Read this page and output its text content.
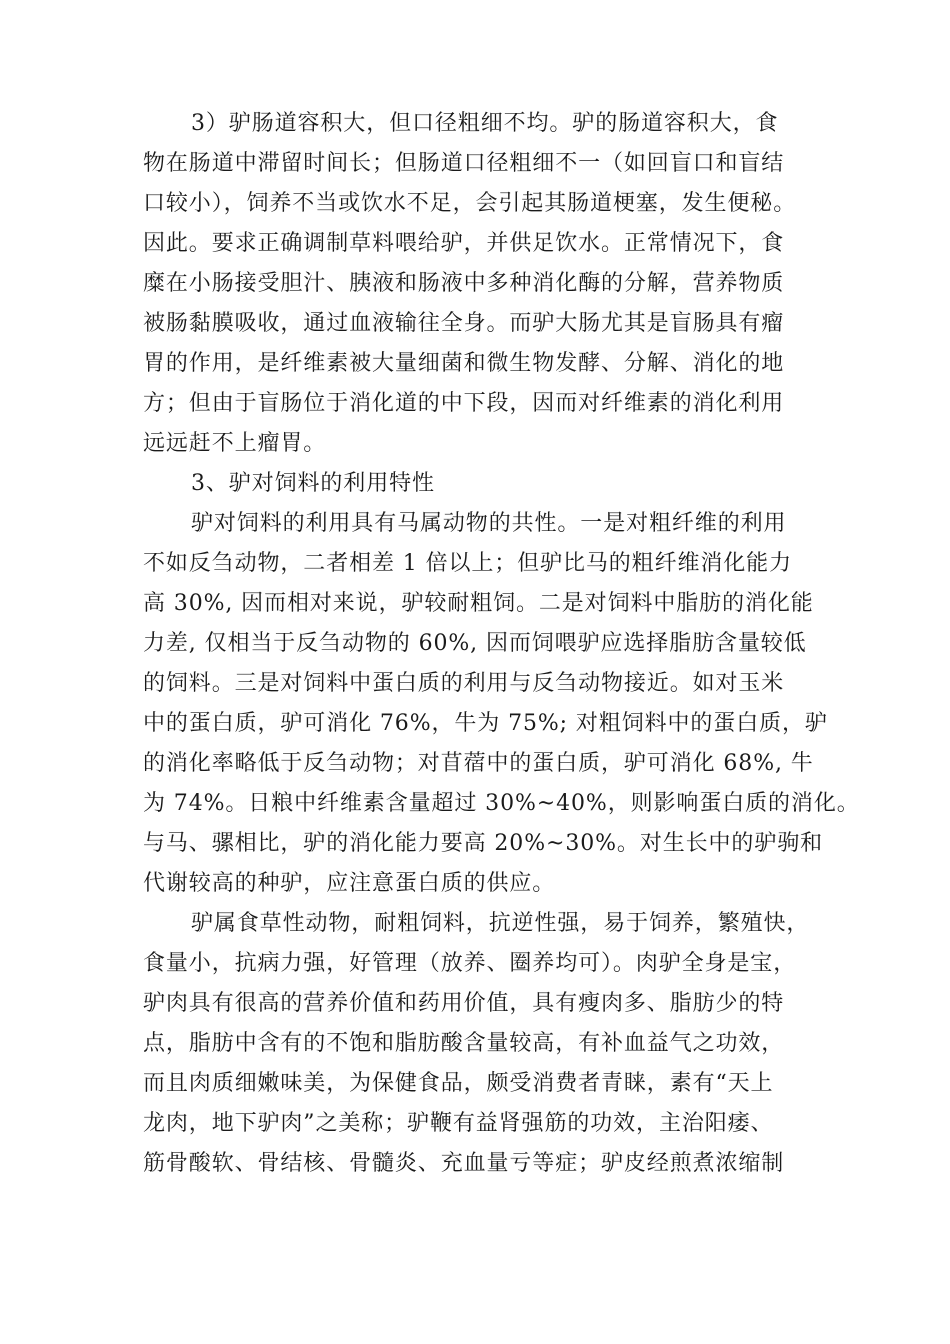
3）驴肠道容积大，但口径粗细不均。驴的肠道容积大，食
物在肠道中滞留时间长；但肠道口径粗细不一（如回盲口和盲结
口较小），饲养不当或饮水不足，会引起其肠道梗塞，发生便秘。
因此。要求正确调制草料喂给驴，并供足饮水。正常情况下，食
糜在小肠接受胆汁、胰液和肠液中多种消化酶的分解，营养物质
被肠黏膜吸收，通过血液输往全身。而驴大肠尤其是盲肠具有瘤
胃的作用，是纤维素被大量细菌和微生物发酵、分解、消化的地
方；但由于盲肠位于消化道的中下段，因而对纤维素的消化利用
远远赶不上瘤胃。
3、驴对饲料的利用特性
驴对饲料的利用具有马属动物的共性。一是对粗纤维的利用
不如反刍动物，二者相差 1 倍以上；但驴比马的粗纤维消化能力
高 30%, 因而相对来说，驴较耐粗饲。二是对饲料中脂肪的消化能
力差, 仅相当于反刍动物的 60%, 因而饲喂驴应选择脂肪含量较低
的饲料。三是对饲料中蛋白质的利用与反刍动物接近。如对玉米
中的蛋白质，驴可消化 76%，牛为 75%; 对粗饲料中的蛋白质，驴
的消化率略低于反刍动物；对苜蓿中的蛋白质，驴可消化 68%, 牛
为 74%。日粮中纤维素含量超过 30%~40%，则影响蛋白质的消化。
与马、骡相比，驴的消化能力要高 20%~30%。对生长中的驴驹和
代谢较高的种驴，应注意蛋白质的供应。
驴属食草性动物，耐粗饲料，抗逆性强，易于饲养，繁殖快，
食量小，抗病力强，好管理（放养、圈养均可）。肉驴全身是宝，
驴肉具有很高的营养价值和药用价值，具有瘦肉多、脂肪少的特
点，脂肪中含有的不饱和脂肪酸含量较高，有补血益气之功效，
而且肉质细嫩味美，为保健食品，颇受消费者青睐，素有“天上
龙肉，地下驴肉”之美称；驴鞭有益肾强筋的功效，主治阳痿、
筋骨酸软、骨结核、骨髓炎、充血量亏等症；驴皮经煎煮浓缩制
